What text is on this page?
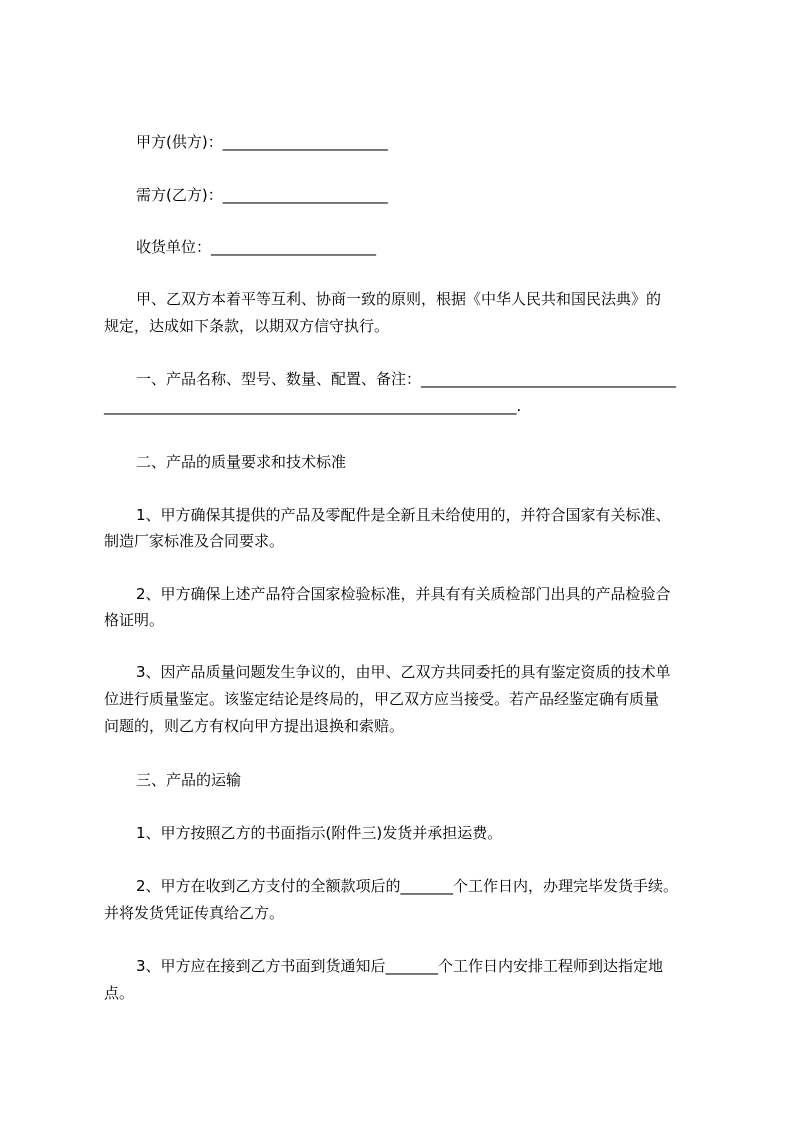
甲方(供方)：______________________
需方(乙方)：______________________
收货单位：______________________
甲、乙双方本着平等互利、协商一致的原则，根据《中华人民共和国民法典》的
规定，达成如下条款，以期双方信守执行。
一、产品名称、型号、数量、配置、备注：__________________________________
_______________________________________________________.
二、产品的质量要求和技术标准
1、甲方确保其提供的产品及零配件是全新且未给使用的，并符合国家有关标准、
制造厂家标准及合同要求。
2、甲方确保上述产品符合国家检验标准，并具有有关质检部门出具的产品检验合
格证明。
3、因产品质量问题发生争议的，由甲、乙双方共同委托的具有鉴定资质的技术单
位进行质量鉴定。该鉴定结论是终局的，甲乙双方应当接受。若产品经鉴定确有质量
问题的，则乙方有权向甲方提出退换和索赔。
三、产品的运输
1、甲方按照乙方的书面指示(附件三)发货并承担运费。
2、甲方在收到乙方支付的全额款项后的_______个工作日内，办理完毕发货手续。
并将发货凭证传真给乙方。
3、甲方应在接到乙方书面到货通知后_______个工作日内安排工程师到达指定地
点。
